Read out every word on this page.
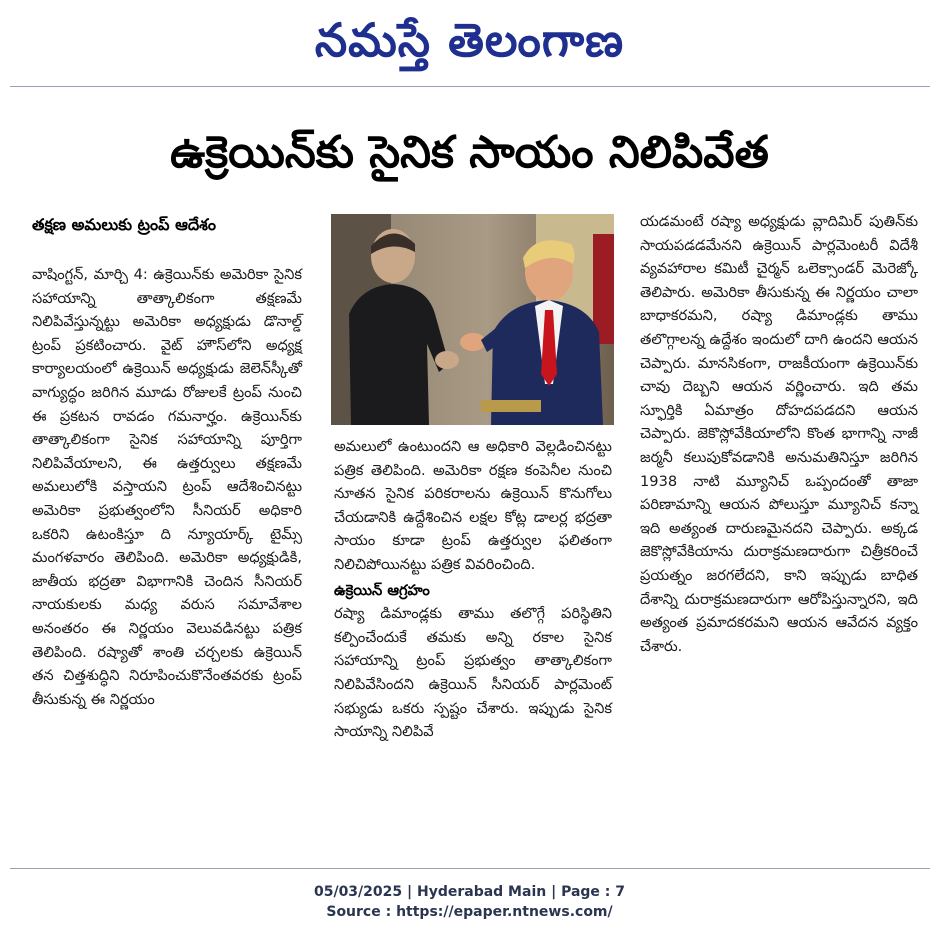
నమస్తే తెలంగాణ
ఉక్రెయిన్‌కు సైనిక సాయం నిలిపివేత
తక్షణ అమలుకు ట్రంప్ ఆదేశం

వాషింగ్టన్, మార్చి 4: ఉక్రెయిన్‌కు అమెరికా సైనిక సహాయాన్ని తాత్కాలికంగా తక్షణమే నిలిపివేస్తున్నట్టు అమెరికా అధ్యక్షుడు డొనాల్డ్ ట్రంప్ ప్రకటించారు. వైట్ హౌస్‌లోని అధ్యక్ష కార్యాలయంలో ఉక్రెయిన్ అధ్యక్షుడు జెలెన్‌స్కీతో వాగ్యుద్ధం జరిగిన మూడు రోజులకే ట్రంప్ నుంచి ఈ ప్రకటన రావడం గమనార్హం. ఉక్రెయిన్‌కు తాత్కాలికంగా సైనిక సహాయాన్ని పూర్తిగా నిలిపివేయాలని, ఈ ఉత్తర్వులు తక్షణమే అమలులోకి వస్తాయని ట్రంప్ ఆదేశించినట్టు అమెరికా ప్రభుత్వంలోని సీనియర్ అధికారి ఒకరిని ఉటంకిస్తూ ది న్యూయార్క్ టైమ్స్ మంగళవారం తెలిపింది. అమెరికా అధ్యక్షుడికి, జాతీయ భద్రతా విభాగానికి చెందిన సీనియర్ నాయకులకు మధ్య వరుస సమావేశాల అనంతరం ఈ నిర్ణయం వెలువడినట్టు పత్రిక తెలిపింది. రష్యాతో శాంతి చర్చలకు ఉక్రెయిన్ తన చిత్తశుద్ధిని నిరూపించుకొనేంతవరకు ట్రంప్ తీసుకున్న ఈ నిర్ణయం

అమలులో ఉంటుందని ఆ అధికారి వెల్లడించినట్టు పత్రిక తెలిపింది. అమెరికా రక్షణ కంపెనీల నుంచి నూతన సైనిక పరికరాలను ఉక్రెయిన్ కొనుగోలు చేయడానికి ఉద్దేశించిన లక్షల కోట్ల డాలర్ల భద్రతా సాయం కూడా ట్రంప్ ఉత్తర్వుల ఫలితంగా నిలిచిపోయినట్టు పత్రిక వివరించింది.

ఉక్రెయిన్ ఆగ్రహం

రష్యా డిమాండ్లకు తాము తలొగ్గే పరిస్థితిని కల్పించేందుకే తమకు అన్ని రకాల సైనిక సహాయాన్ని ట్రంప్ ప్రభుత్వం తాత్కాలికంగా నిలిపివేసిందని ఉక్రెయిన్ సీనియర్ పార్లమెంట్ సభ్యుడు ఒకరు స్పష్టం చేశారు. ఇప్పుడు సైనిక సాయాన్ని నిలిపివే

యడమంటే రష్యా అధ్యక్షుడు వ్లాదిమిర్ పుతిన్‌కు సాయపడడమేనని ఉక్రెయిన్ పార్లమెంటరీ విదేశీ వ్యవహారాల కమిటీ చైర్మన్ ఒలెక్సాండర్ మెరెజ్కో తెలిపారు. అమెరికా తీసుకున్న ఈ నిర్ణయం చాలా బాధాకరమని, రష్యా డిమాండ్లకు తాము తలొగ్గాలన్న ఉద్దేశం ఇందులో దాగి ఉందని ఆయన చెప్పారు. మానసికంగా, రాజకీయంగా ఉక్రెయిన్‌కు చావు దెబ్బని ఆయన వర్ణించారు. ఇది తమ స్ఫూర్తికి ఏమాత్రం దోహదపడదని ఆయన చెప్పారు. జెకొస్లోవేకియాలోని కొంత భాగాన్ని నాజీ జర్మనీ కలుపుకోవడానికి అనుమతినిస్తూ జరిగిన 1938 నాటి మ్యూనిచ్ ఒప్పందంతో తాజా పరిణామాన్ని ఆయన పోలుస్తూ మ్యూనిచ్ కన్నా ఇది అత్యంత దారుణమైనదని చెప్పారు. అక్కడ జెకొస్లోవేకియాను దురాక్రమణదారుగా చిత్రీకరించే ప్రయత్నం జరగలేదని, కాని ఇప్పుడు బాధిత దేశాన్ని దురాక్రమణదారుగా ఆరోపిస్తున్నారని, ఇది అత్యంత ప్రమాదకరమని ఆయన ఆవేదన వ్యక్తం చేశారు.

05/03/2025 | Hyderabad Main | Page : 7
Source : https://epaper.ntnews.com/
